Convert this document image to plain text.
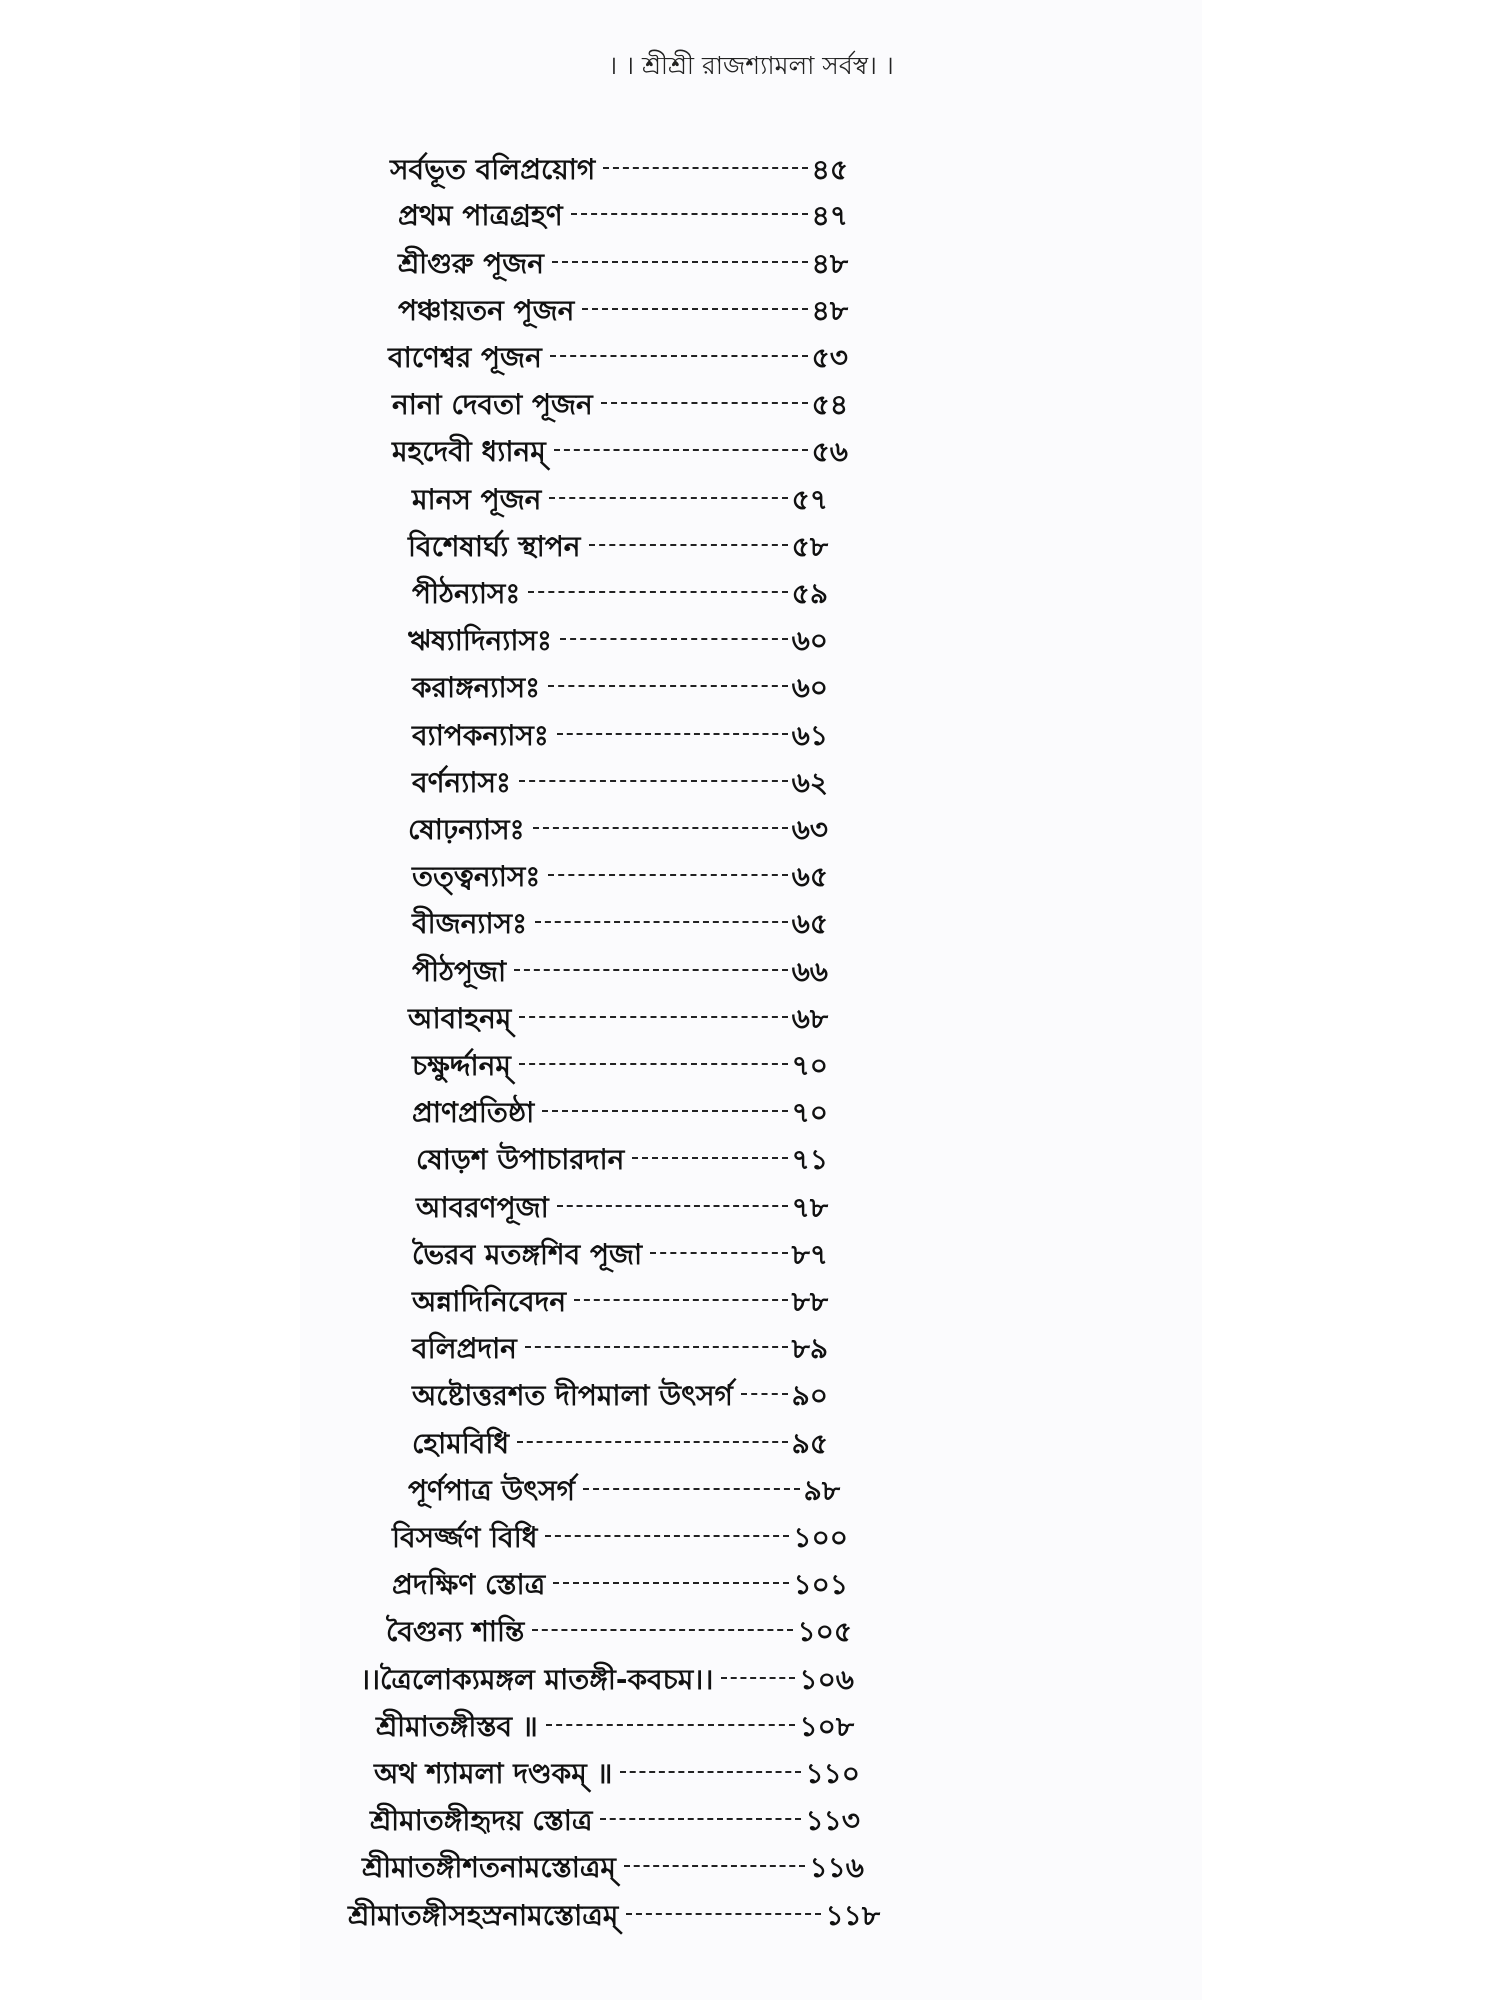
। । শ্রীশ্রী রাজশ্যামলা সর্বস্ব। ।
সর্বভূত বলিপ্রয়োগ	৪৫
প্রথম পাত্রগ্রহণ	৪৭
শ্রীগুরু পূজন	৪৮
পঞ্চায়তন পূজন	৪৮
বাণেশ্বর পূজন	৫৩
নানা দেবতা পূজন	৫৪
মহদেবী ধ্যানম্	৫৬
মানস পূজন	৫৭
বিশেষার্ঘ্য স্থাপন	৫৮
পীঠন্যাসঃ	৫৯
ঋষ্যাদিন্যাসঃ	৬০
করাঙ্গন্যাসঃ	৬০
ব্যাপকন্যাসঃ	৬১
বর্ণন্যাসঃ	৬২
ষোঢ়ন্যাসঃ	৬৩
তত্ত্বন্যাসঃ	৬৫
বীজন্যাসঃ	৬৫
পীঠপূজা	৬৬
আবাহনম্	৬৮
চক্ষুর্দ্দানম্	৭০
প্রাণপ্রতিষ্ঠা	৭০
ষোড়শ উপাচারদান	৭১
আবরণপূজা	৭৮
ভৈরব মতঙ্গশিব পূজা	৮৭
অন্নাদিনিবেদন	৮৮
বলিপ্রদান	৮৯
অষ্টোত্তরশত দীপমালা উৎসর্গ ৯০
হোমবিধি	৯৫
পূর্ণপাত্র উৎসর্গ	৯৮
বিসর্জ্জণ বিধি	১০০
প্রদক্ষিণ স্তোত্র	১০১
বৈগুন্য শান্তি	১০৫
।।ত্রৈলোক্যমঙ্গল মাতঙ্গী-কবচম।।	১০৬
শ্রীমাতঙ্গীস্তব ॥	১০৮
অথ শ্যামলা দণ্ডকম্ ॥	১১০
শ্রীমাতঙ্গীহৃদয় স্তোত্র	১১৩
শ্রীমাতঙ্গীশতনামস্তোত্রম্	১১৬
শ্রীমাতঙ্গীসহস্রনামস্তোত্রম্	১১৮
